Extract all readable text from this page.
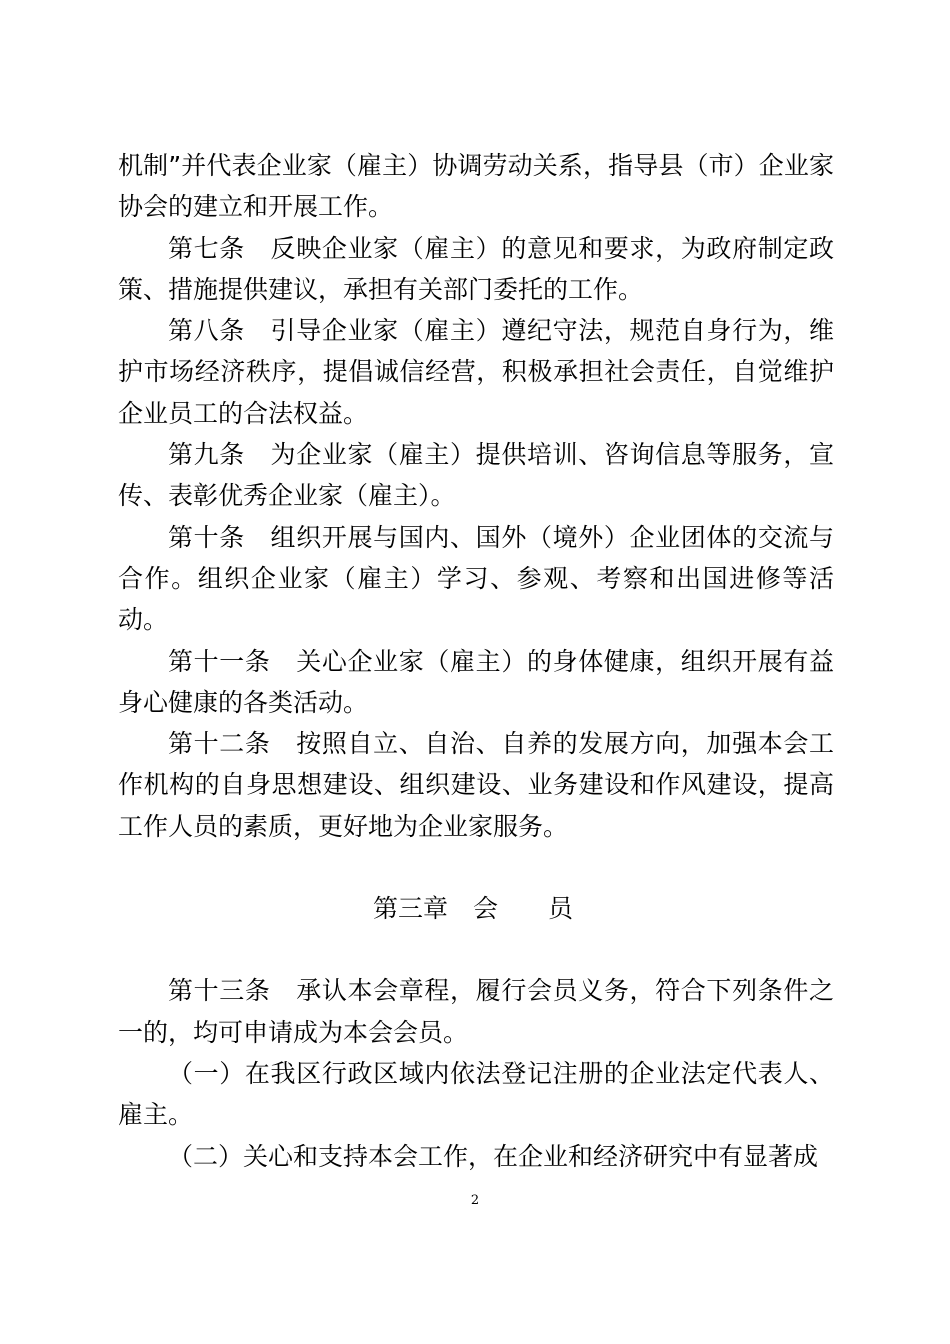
机制”并代表企业家（雇主）协调劳动关系，指导县（市）企业家协会的建立和开展工作。

第七条　反映企业家（雇主）的意见和要求，为政府制定政策、措施提供建议，承担有关部门委托的工作。

第八条　引导企业家（雇主）遵纪守法，规范自身行为，维护市场经济秩序，提倡诚信经营，积极承担社会责任，自觉维护企业员工的合法权益。

第九条　为企业家（雇主）提供培训、咨询信息等服务，宣传、表彰优秀企业家（雇主）。

第十条　组织开展与国内、国外（境外）企业团体的交流与合作。组织企业家（雇主）学习、参观、考察和出国进修等活动。

第十一条　关心企业家（雇主）的身体健康，组织开展有益身心健康的各类活动。

第十二条　按照自立、自治、自养的发展方向，加强本会工作机构的自身思想建设、组织建设、业务建设和作风建设，提高工作人员的素质，更好地为企业家服务。

第三章　会　　员

第十三条　承认本会章程，履行会员义务，符合下列条件之一的，均可申请成为本会会员。

（一）在我区行政区域内依法登记注册的企业法定代表人、雇主。

（二）关心和支持本会工作，在企业和经济研究中有显著成

2
